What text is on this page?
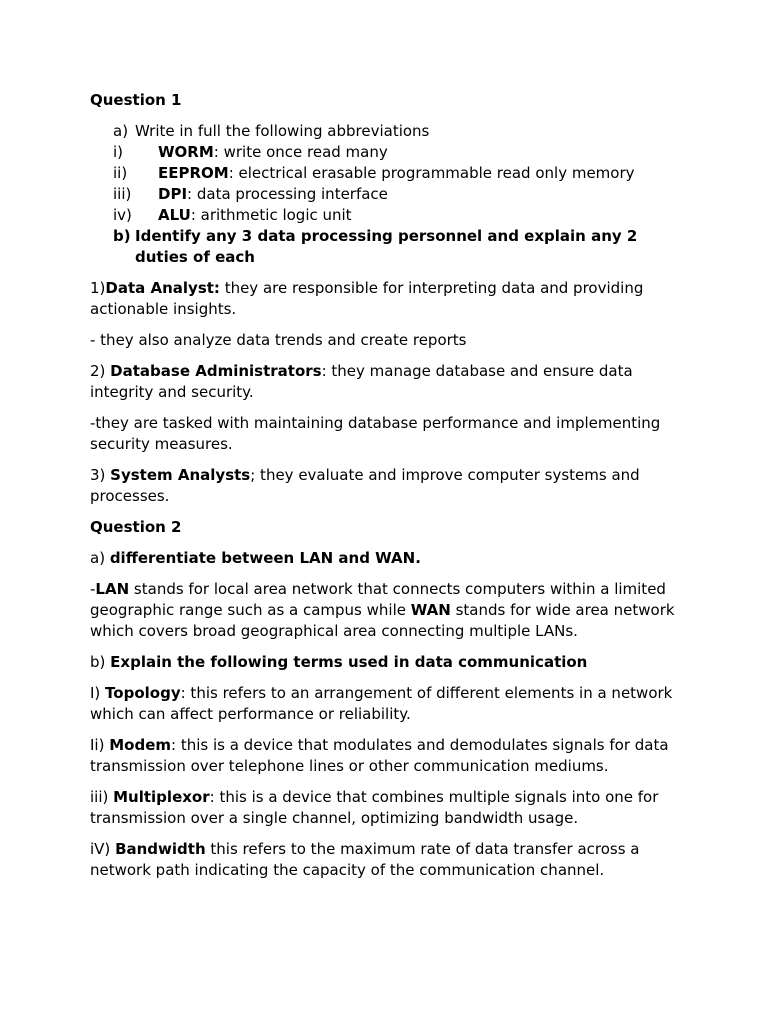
Question 1

a) Write in full the following abbreviations
i)	WORM: write once read many
ii)	EEPROM: electrical erasable programmable read only memory
iii)	DPI: data processing interface
iv)	ALU: arithmetic logic unit
b) Identify any 3 data processing personnel and explain any 2 duties of each

1)Data Analyst: they are responsible for interpreting data and providing actionable insights.

- they also analyze data trends and create reports

2) Database Administrators: they manage database and ensure data integrity and security.

-they are tasked with maintaining database performance and implementing security measures.

3) System Analysts; they evaluate and improve computer systems and processes.

Question 2

a) differentiate between LAN and WAN.

-LAN stands for local area network that connects computers within a limited geographic range such as a campus while WAN stands for wide area network which covers broad geographical area connecting multiple LANs.

b) Explain the following terms used in data communication

I) Topology: this refers to an arrangement of different elements in a network which can affect performance or reliability.

Ii) Modem: this is a device that modulates and demodulates signals for data transmission over telephone lines or other communication mediums.

iii) Multiplexor: this is a device that combines multiple signals into one for transmission over a single channel, optimizing bandwidth usage.

iV) Bandwidth this refers to the maximum rate of data transfer across a network path indicating the capacity of the communication channel.
